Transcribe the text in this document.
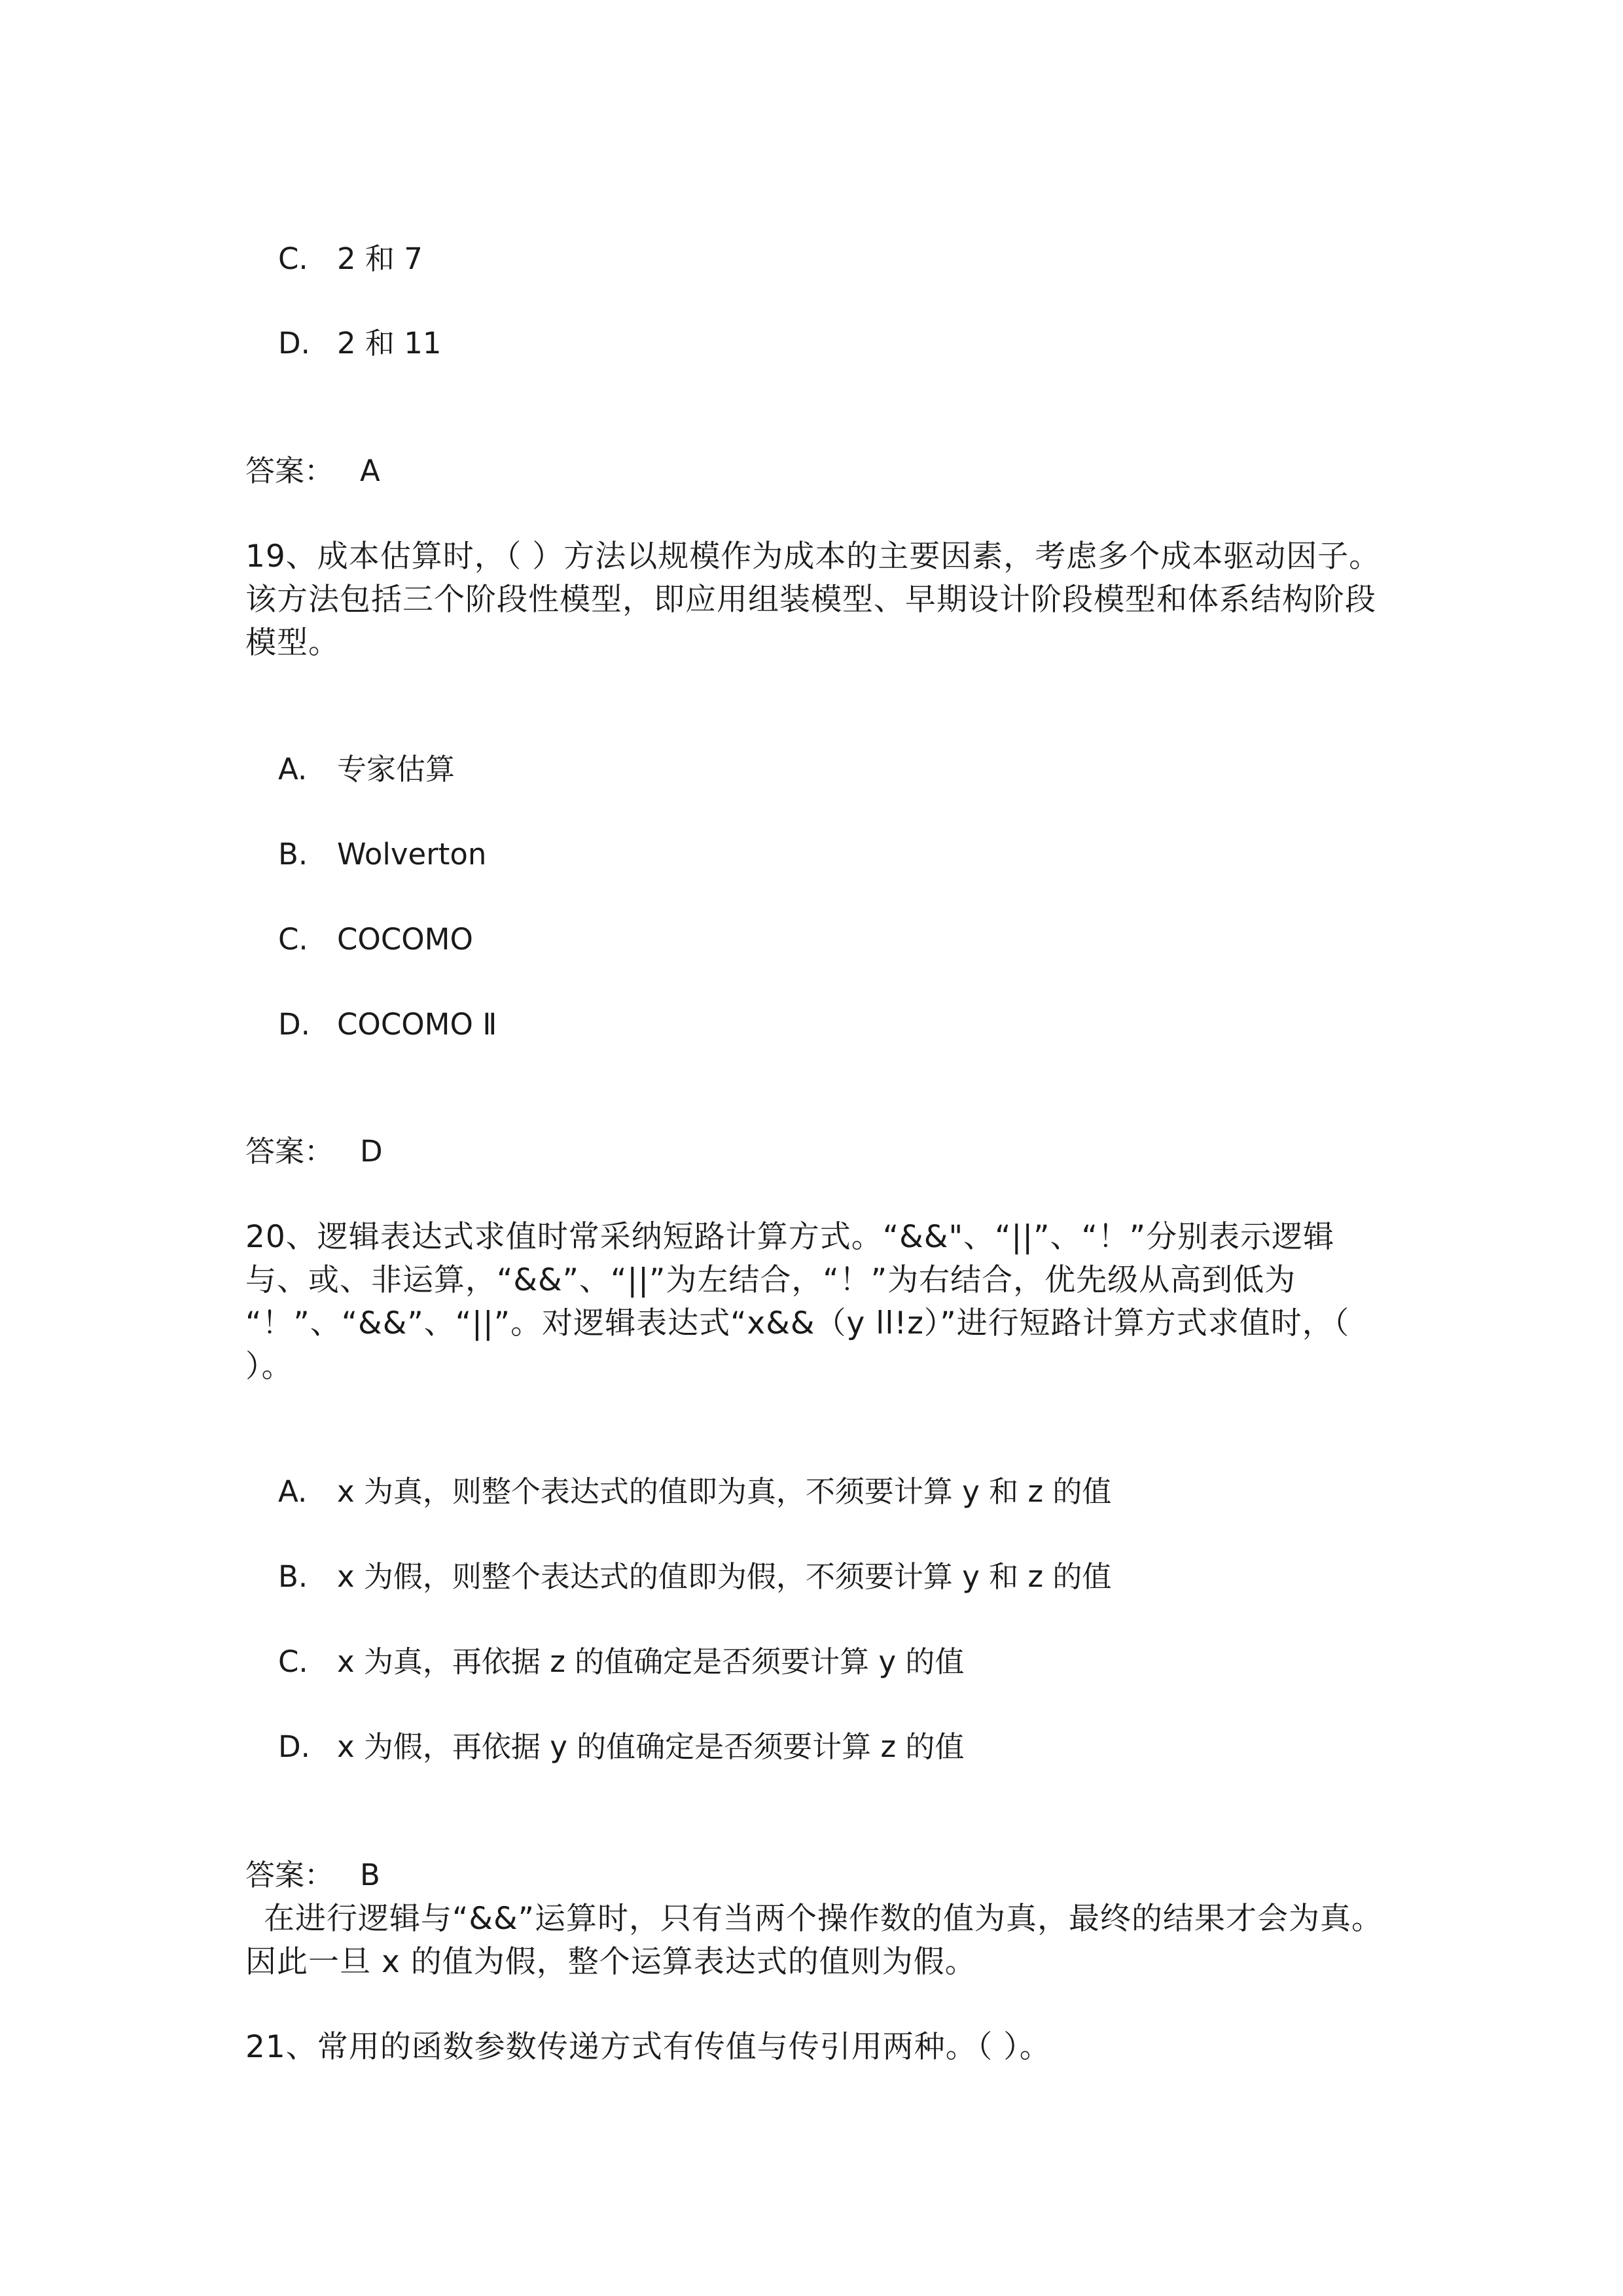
C. 2 和 7
D. 2 和 11
答案： A
19、成本估算时，（ ）方法以规模作为成本的主要因素，考虑多个成本驱动因子。该方法包括三个阶段性模型，即应用组装模型、早期设计阶段模型和体系结构阶段模型。
A. 专家估算
B. Wolverton
C. COCOMO
D. COCOMO Ⅱ
答案： D
20、逻辑表达式求值时常采纳短路计算方式。“&&"、“||”、“！”分别表示逻辑与、或、非运算，“&&”、“||”为左结合，“！”为右结合，优先级从高到低为 “！”、“&&”、“||”。对逻辑表达式“x&&（y ll!z）”进行短路计算方式求值时，（ ）。
A. x 为真，则整个表达式的值即为真，不须要计算 y 和 z 的值
B. x 为假，则整个表达式的值即为假，不须要计算 y 和 z 的值
C. x 为真，再依据 z 的值确定是否须要计算 y 的值
D. x 为假，再依据 y 的值确定是否须要计算 z 的值
答案： B
在进行逻辑与“&&”运算时，只有当两个操作数的值为真，最终的结果才会为真。因此一旦 x 的值为假，整个运算表达式的值则为假。
21、常用的函数参数传递方式有传值与传引用两种。（ ）。
